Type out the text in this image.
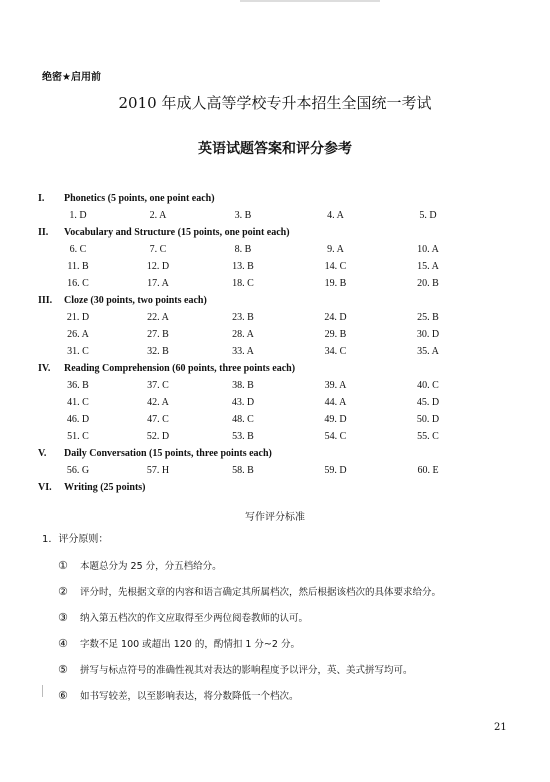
绝密★启用前
2010 年成人高等学校专升本招生全国统一考试
英语试题答案和评分参考
I.	Phonetics (5 points, one point each)
1. D	2. A	3. B	4. A	5. D
II.	Vocabulary and Structure (15 points, one point each)
6. C	7. C	8. B	9. A	10. A
11. B	12. D	13. B	14. C	15. A
16. C	17. A	18. C	19. B	20. B
III.	Cloze (30 points, two points each)
21. D	22. A	23. B	24. D	25. B
26. A	27. B	28. A	29. B	30. D
31. C	32. B	33. A	34. C	35. A
IV.	Reading Comprehension (60 points, three points each)
36. B	37. C	38. B	39. A	40. C
41. C	42. A	43. D	44. A	45. D
46. D	47. C	48. C	49. D	50. D
51. C	52. D	53. B	54. C	55. C
V.	Daily Conversation (15 points, three points each)
56. G	57. H	58. B	59. D	60. E
VI.	Writing (25 points)
写作评分标准
1．评分原则：
①	本题总分为 25 分，分五档给分。
②	评分时，先根据文章的内容和语言确定其所属档次，然后根据该档次的具体要求给分。
③	纳入第五档次的作文应取得至少两位阅卷教师的认可。
④	字数不足 100 或超出 120 的，酌情扣 1 分~2 分。
⑤	拼写与标点符号的准确性视其对表达的影响程度予以评分，英、美式拼写均可。
⑥	如书写较差，以至影响表达，将分数降低一个档次。
21
